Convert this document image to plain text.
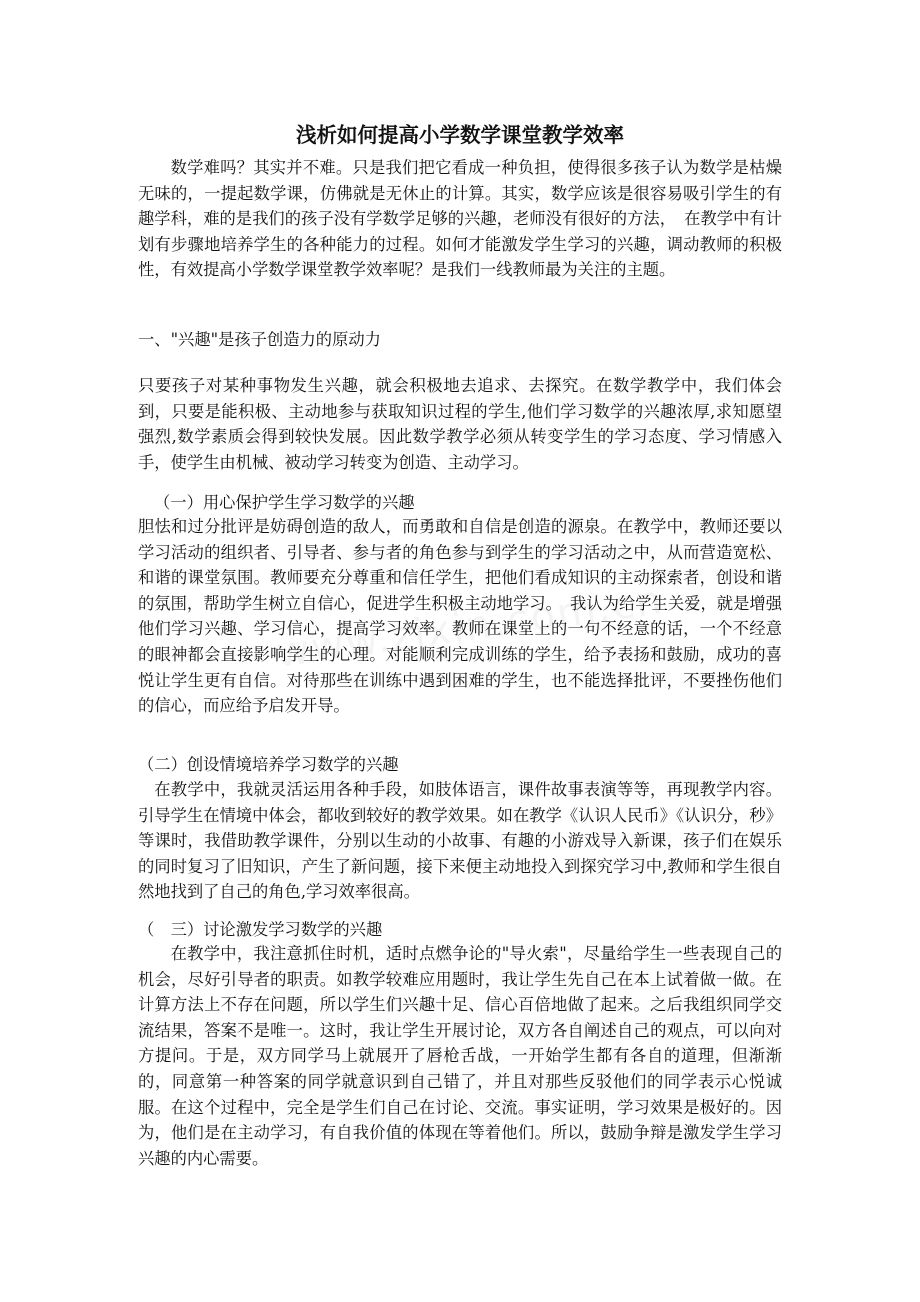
浅析如何提高小学数学课堂教学效率
数学难吗？其实并不难。只是我们把它看成一种负担，使得很多孩子认为数学是枯燥无味的，一提起数学课，仿佛就是无休止的计算。其实，数学应该是很容易吸引学生的有趣学科，难的是我们的孩子没有学数学足够的兴趣，老师没有很好的方法，　在教学中有计划有步骤地培养学生的各种能力的过程。如何才能激发学生学习的兴趣，调动教师的积极性，有效提高小学数学课堂教学效率呢？是我们一线教师最为关注的主题。
一、"兴趣"是孩子创造力的原动力
只要孩子对某种事物发生兴趣，就会积极地去追求、去探究。在数学教学中，我们体会到，只要是能积极、主动地参与获取知识过程的学生,他们学习数学的兴趣浓厚,求知愿望强烈,数学素质会得到较快发展。因此数学教学必须从转变学生的学习态度、学习情感入手，使学生由机械、被动学习转变为创造、主动学习。
（一）用心保护学生学习数学的兴趣
胆怯和过分批评是妨碍创造的敌人，而勇敢和自信是创造的源泉。在教学中，教师还要以学习活动的组织者、引导者、参与者的角色参与到学生的学习活动之中，从而营造宽松、和谐的课堂氛围。教师要充分尊重和信任学生，把他们看成知识的主动探索者，创设和谐的氛围，帮助学生树立自信心，促进学生积极主动地学习。　我认为给学生关爱，就是增强他们学习兴趣、学习信心，提高学习效率。教师在课堂上的一句不经意的话，一个不经意的眼神都会直接影响学生的心理。对能顺利完成训练的学生，给予表扬和鼓励，成功的喜悦让学生更有自信。对待那些在训练中遇到困难的学生，也不能选择批评，不要挫伤他们的信心，而应给予启发开导。
（二）创设情境培养学习数学的兴趣
在教学中，我就灵活运用各种手段，如肢体语言，课件故事表演等等，再现教学内容。引导学生在情境中体会，都收到较好的教学效果。如在教学《认识人民币》《认识分，秒》等课时，我借助教学课件，分别以生动的小故事、有趣的小游戏导入新课，孩子们在娱乐的同时复习了旧知识，产生了新问题，接下来便主动地投入到探究学习中,教师和学生很自然地找到了自己的角色,学习效率很高。
（　三）讨论激发学习数学的兴趣
在教学中，我注意抓住时机，适时点燃争论的"导火索"，尽量给学生一些表现自己的机会，尽好引导者的职责。如教学较难应用题时，我让学生先自己在本上试着做一做。在计算方法上不存在问题，所以学生们兴趣十足、信心百倍地做了起来。之后我组织同学交流结果，答案不是唯一。这时，我让学生开展讨论，双方各自阐述自己的观点，可以向对方提问。于是，双方同学马上就展开了唇枪舌战，一开始学生都有各自的道理，但渐渐的，同意第一种答案的同学就意识到自己错了，并且对那些反驳他们的同学表示心悦诚服。在这个过程中，完全是学生们自己在讨论、交流。事实证明，学习效果是极好的。因为，他们是在主动学习，有自我价值的体现在等着他们。所以，鼓励争辩是激发学生学习兴趣的内心需要。
